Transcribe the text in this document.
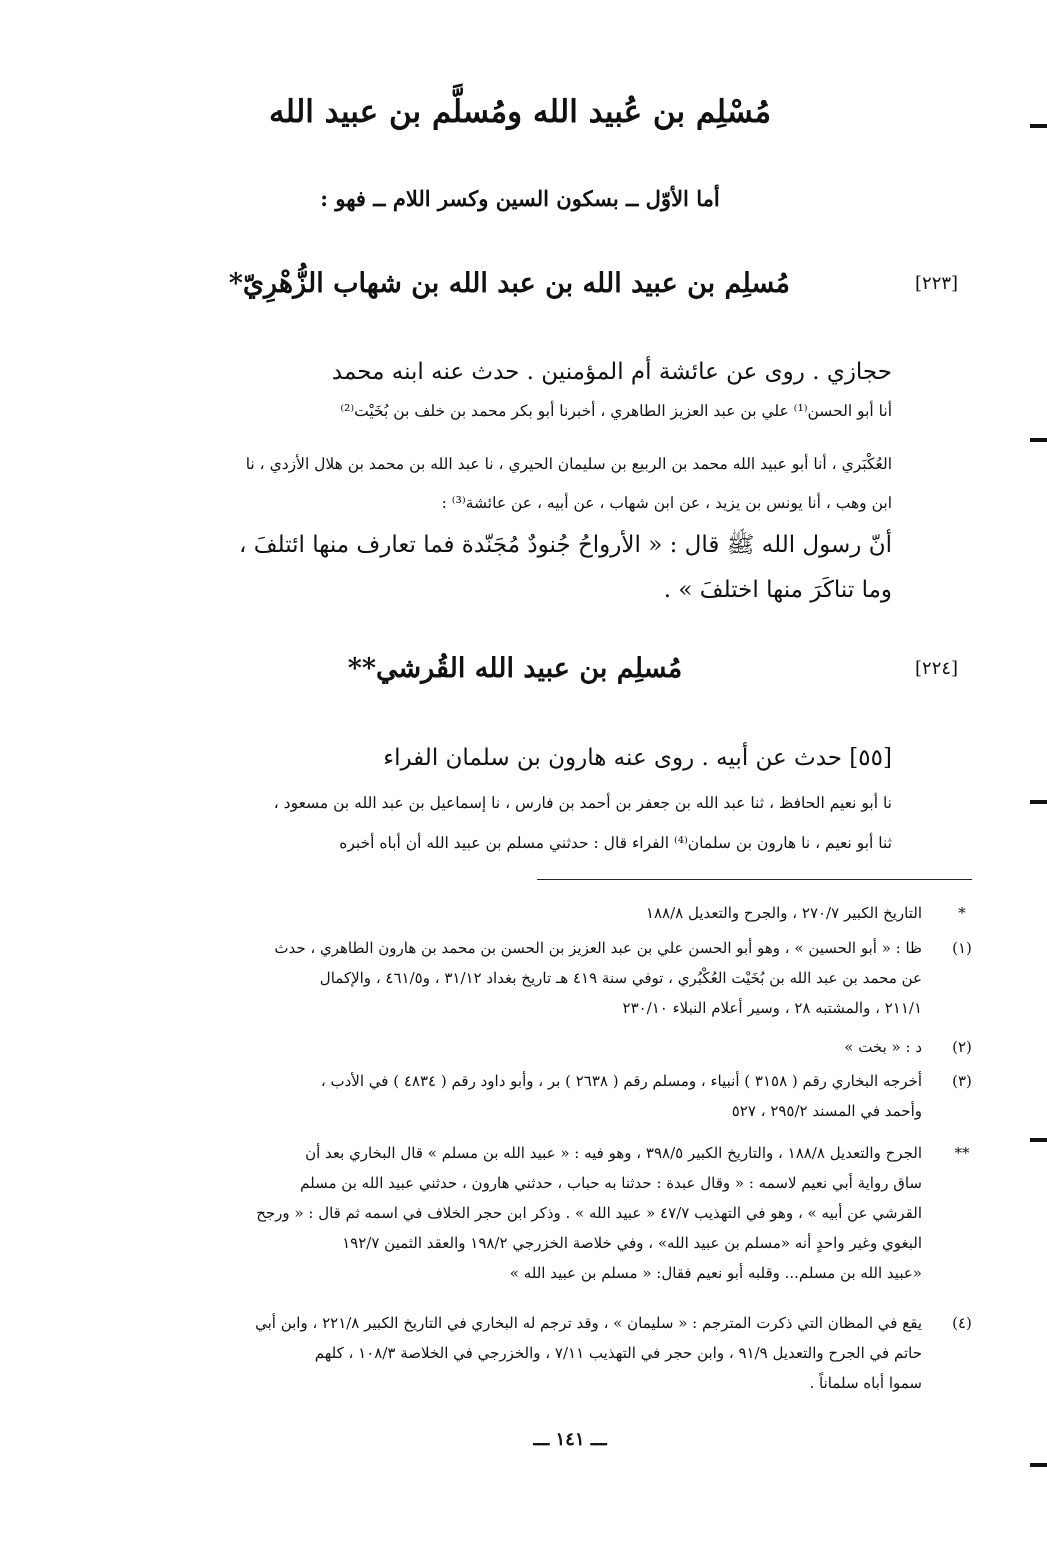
مُسْلِم بن عُبيد الله ومُسلَّم بن عبيد الله
أما الأوّل ــ بسكون السين وكسر اللام ــ فهو :
مُسلِم بن عبيد الله بن عبد الله بن شهاب الزُّهْرِيّ*	[٢٢٣]
حجازي . روى عن عائشة أم المؤمنين . حدث عنه ابنه محمد
أنا أبو الحسن⁽¹⁾ علي بن عبد العزيز الطاهري ، أخبرنا أبو بكر محمد بن خلف بن بُخَيْت⁽²⁾
العُكْبَري ، أنا أبو عبيد الله محمد بن الربيع بن سليمان الحيري ، نا عبد الله بن محمد بن هلال الأزدي ، نا
ابن وهب ، أنا يونس بن يزيد ، عن ابن شهاب ، عن أبيه ، عن عائشة⁽³⁾ :
أنّ رسول الله ﷺ قال : « الأرواحُ جُنودٌ مُجَنّدة فما تعارف منها ائتلفَ ،
وما تناكَرَ منها اختلفَ » .
مُسلِم بن عبيد الله القُرشي**	[٢٢٤]
[٥٥] حدث عن أبيه . روى عنه هارون بن سلمان الفراء
نا أبو نعيم الحافظ ، ثنا عبد الله بن جعفر بن أحمد بن فارس ، نا إسماعيل بن عبد الله بن مسعود ،
ثنا أبو نعيم ، نا هارون بن سلمان⁽⁴⁾ الفراء قال : حدثني مسلم بن عبيد الله أن أباه أخبره
*
التاريخ الكبير ٢٧٠/٧ ، والجرح والتعديل ١٨٨/٨
(١)
ظا : « أبو الحسين » ، وهو أبو الحسن علي بن عبد العزيز بن الحسن بن محمد بن هارون الطاهري ، حدث
عن محمد بن عبد الله بن بُخَيْت العُكْبُري ، توفي سنة ٤١٩ هـ تاريخ بغداد ٣١/١٢ ، و٤٦١/٥ ، والإكمال
٢١١/١ ، والمشتبه ٢٨ ، وسير أعلام النبلاء ٢٣٠/١٠
(٢)
د : « بخت »
(٣)
أخرجه البخاري رقم ( ٣١٥٨ ) أنبياء ، ومسلم رقم ( ٢٦٣٨ ) بر ، وأبو داود رقم ( ٤٨٣٤ ) في الأدب ،
وأحمد في المسند ٢٩٥/٢ ، ٥٢٧
**
الجرح والتعديل ١٨٨/٨ ، والتاريخ الكبير ٣٩٨/٥ ، وهو فيه : « عبيد الله بن مسلم » قال البخاري بعد أن
ساق رواية أبي نعيم لاسمه : « وقال عبدة : حدثنا به حباب ، حدثني هارون ، حدثني عبيد الله بن مسلم
القرشي عن أبيه » ، وهو في التهذيب ٤٧/٧ « عبيد الله » . وذكر ابن حجر الخلاف في اسمه ثم قال : « ورجح
البغوي وغير واحدٍ أنه «مسلم بن عبيد الله» ، وفي خلاصة الخزرجي ١٩٨/٢ والعقد الثمين ١٩٢/٧
«عبيد الله بن مسلم... وقلبه أبو نعيم فقال: « مسلم بن عبيد الله »
(٤)
يقع في المظان التي ذكرت المترجم : « سليمان » ، وقد ترجم له البخاري في التاريخ الكبير ٢٢١/٨ ، وابن أبي
حاتم في الجرح والتعديل ٩١/٩ ، وابن حجر في التهذيب ٧/١١ ، والخزرجي في الخلاصة ١٠٨/٣ ، كلهم
سموا أباه سلماناً .
ـــ ١٤١ ـــ
